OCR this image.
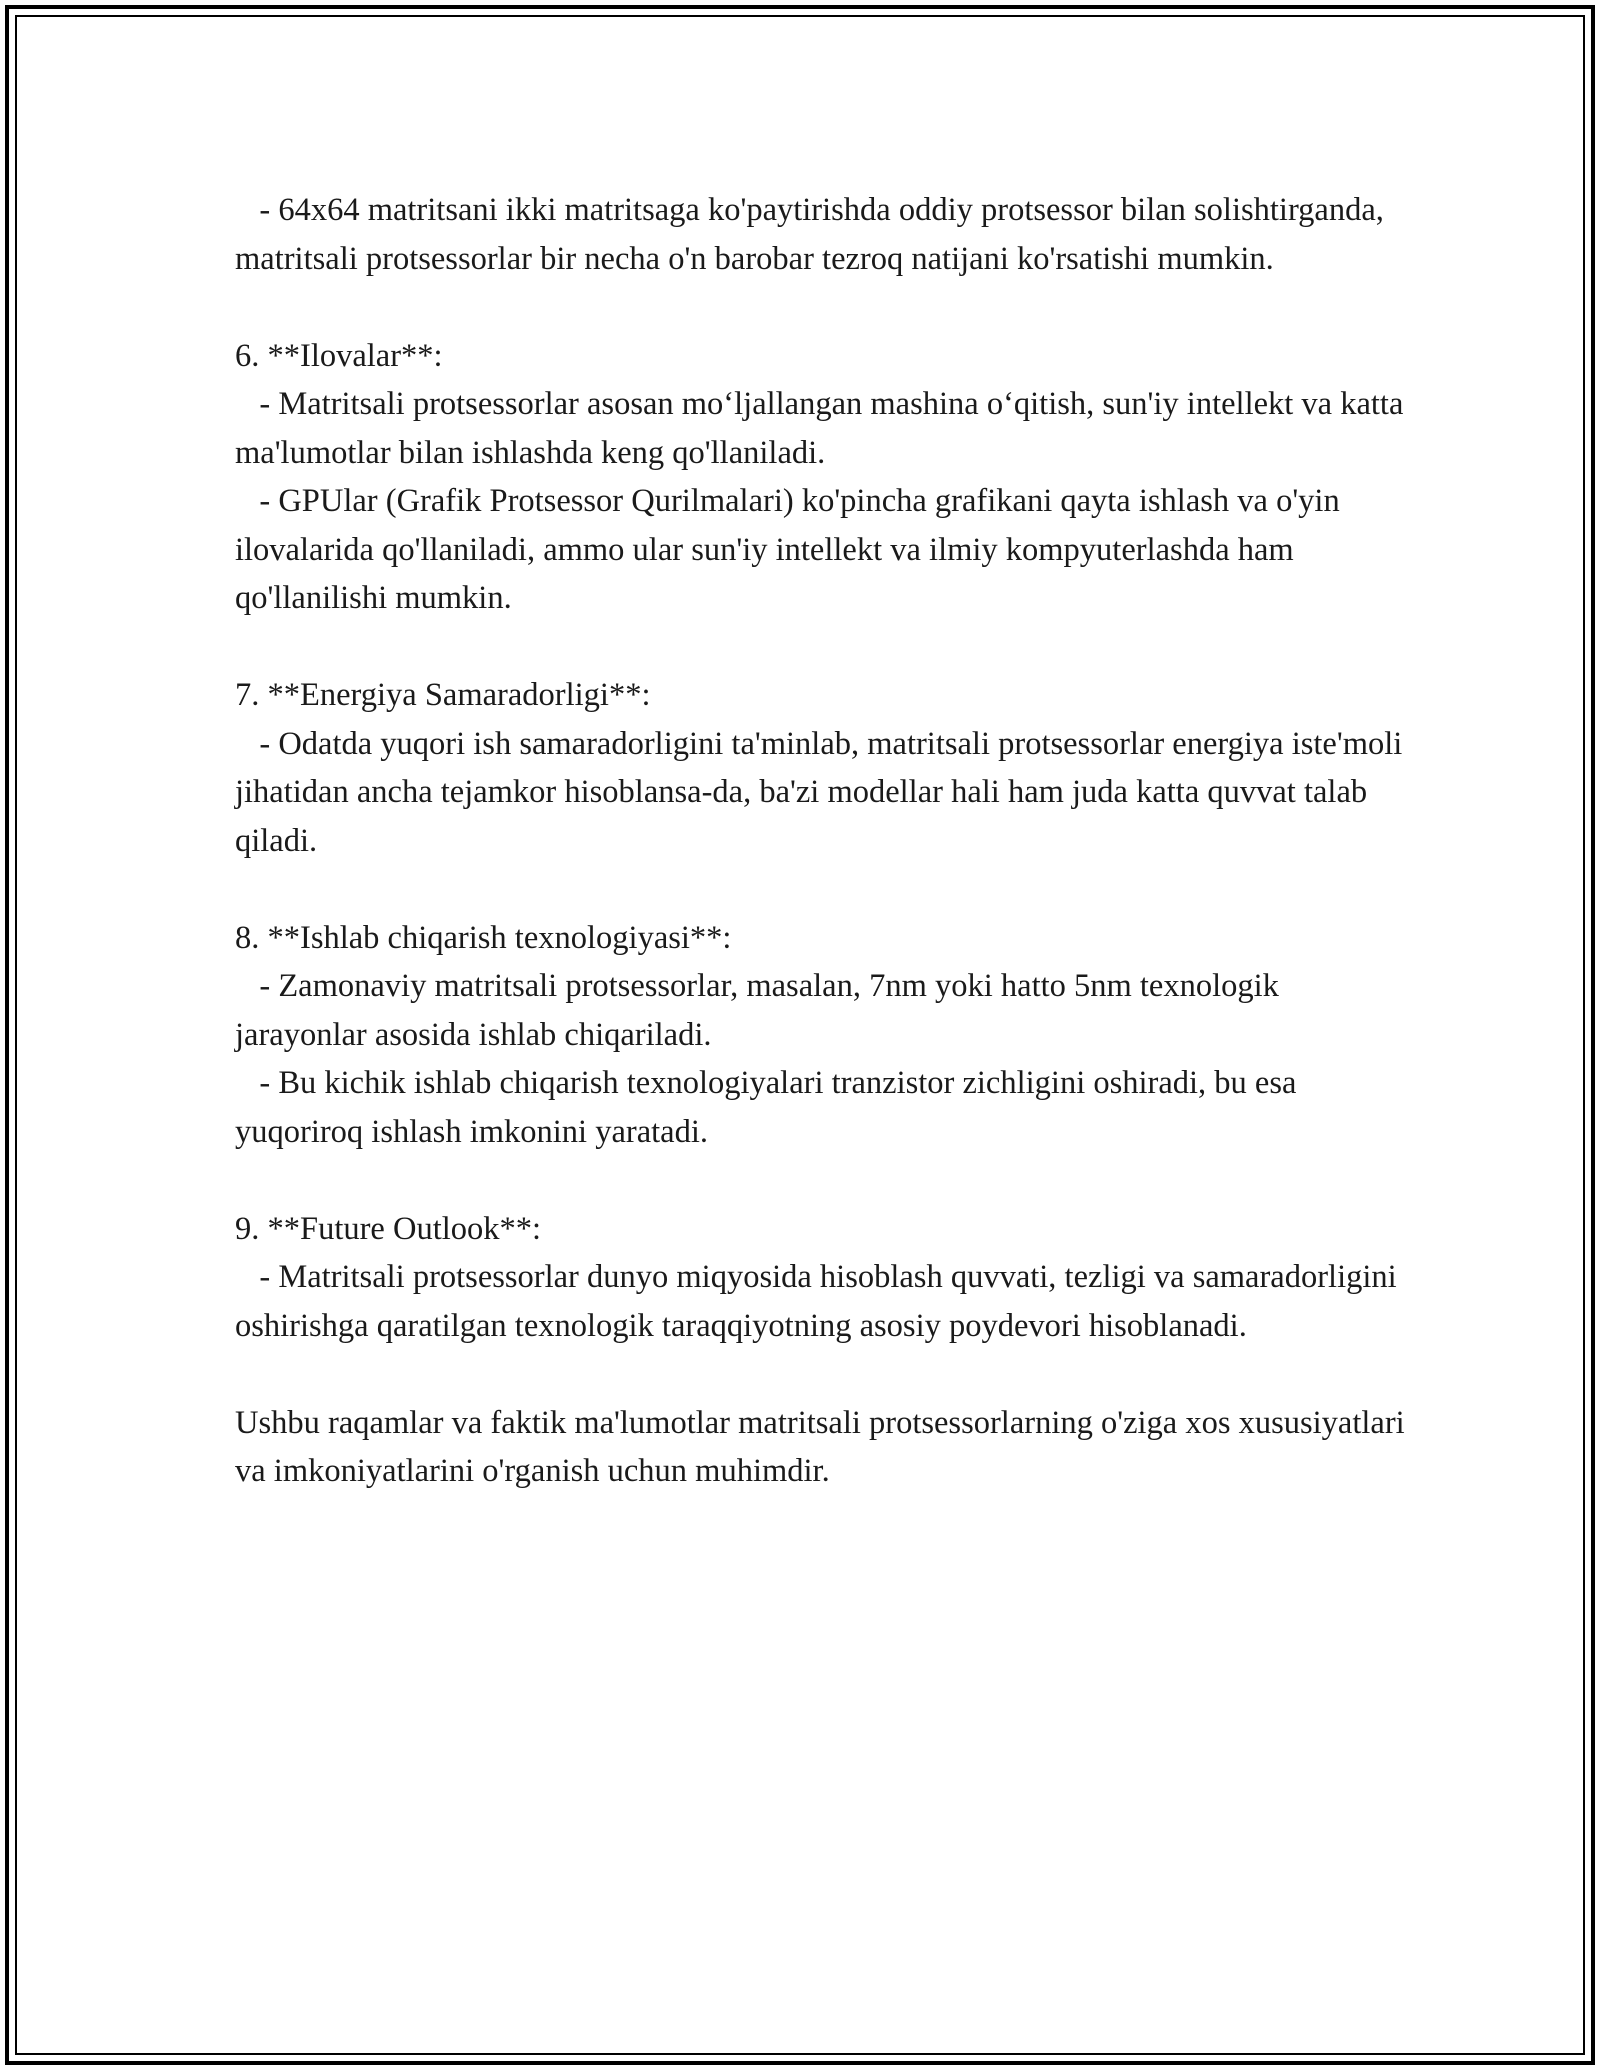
- 64x64 matritsani ikki matritsaga ko'paytirishda oddiy protsessor bilan solishtirganda, matritsali protsessorlar bir necha o'n barobar tezroq natijani ko'rsatishi mumkin.

6. **Ilovalar**:

- Matritsali protsessorlar asosan mo‘ljallangan mashina o‘qitish, sun'iy intellekt va katta ma'lumotlar bilan ishlashda keng qo'llaniladi.

- GPUlar (Grafik Protsessor Qurilmalari) ko'pincha grafikani qayta ishlash va o'yin ilovalarida qo'llaniladi, ammo ular sun'iy intellekt va ilmiy kompyuterlashda ham qo'llanilishi mumkin.

7. **Energiya Samaradorligi**:

- Odatda yuqori ish samaradorligini ta'minlab, matritsali protsessorlar energiya iste'moli jihatidan ancha tejamkor hisoblansa-da, ba'zi modellar hali ham juda katta quvvat talab qiladi.

8. **Ishlab chiqarish texnologiyasi**:

- Zamonaviy matritsali protsessorlar, masalan, 7nm yoki hatto 5nm texnologik jarayonlar asosida ishlab chiqariladi.

- Bu kichik ishlab chiqarish texnologiyalari tranzistor zichligini oshiradi, bu esa yuqoriroq ishlash imkonini yaratadi.

9. **Future Outlook**:

- Matritsali protsessorlar dunyo miqyosida hisoblash quvvati, tezligi va samaradorligini oshirishga qaratilgan texnologik taraqqiyotning asosiy poydevori hisoblanadi.

Ushbu raqamlar va faktik ma'lumotlar matritsali protsessorlarning o'ziga xos xususiyatlari va imkoniyatlarini o'rganish uchun muhimdir.
